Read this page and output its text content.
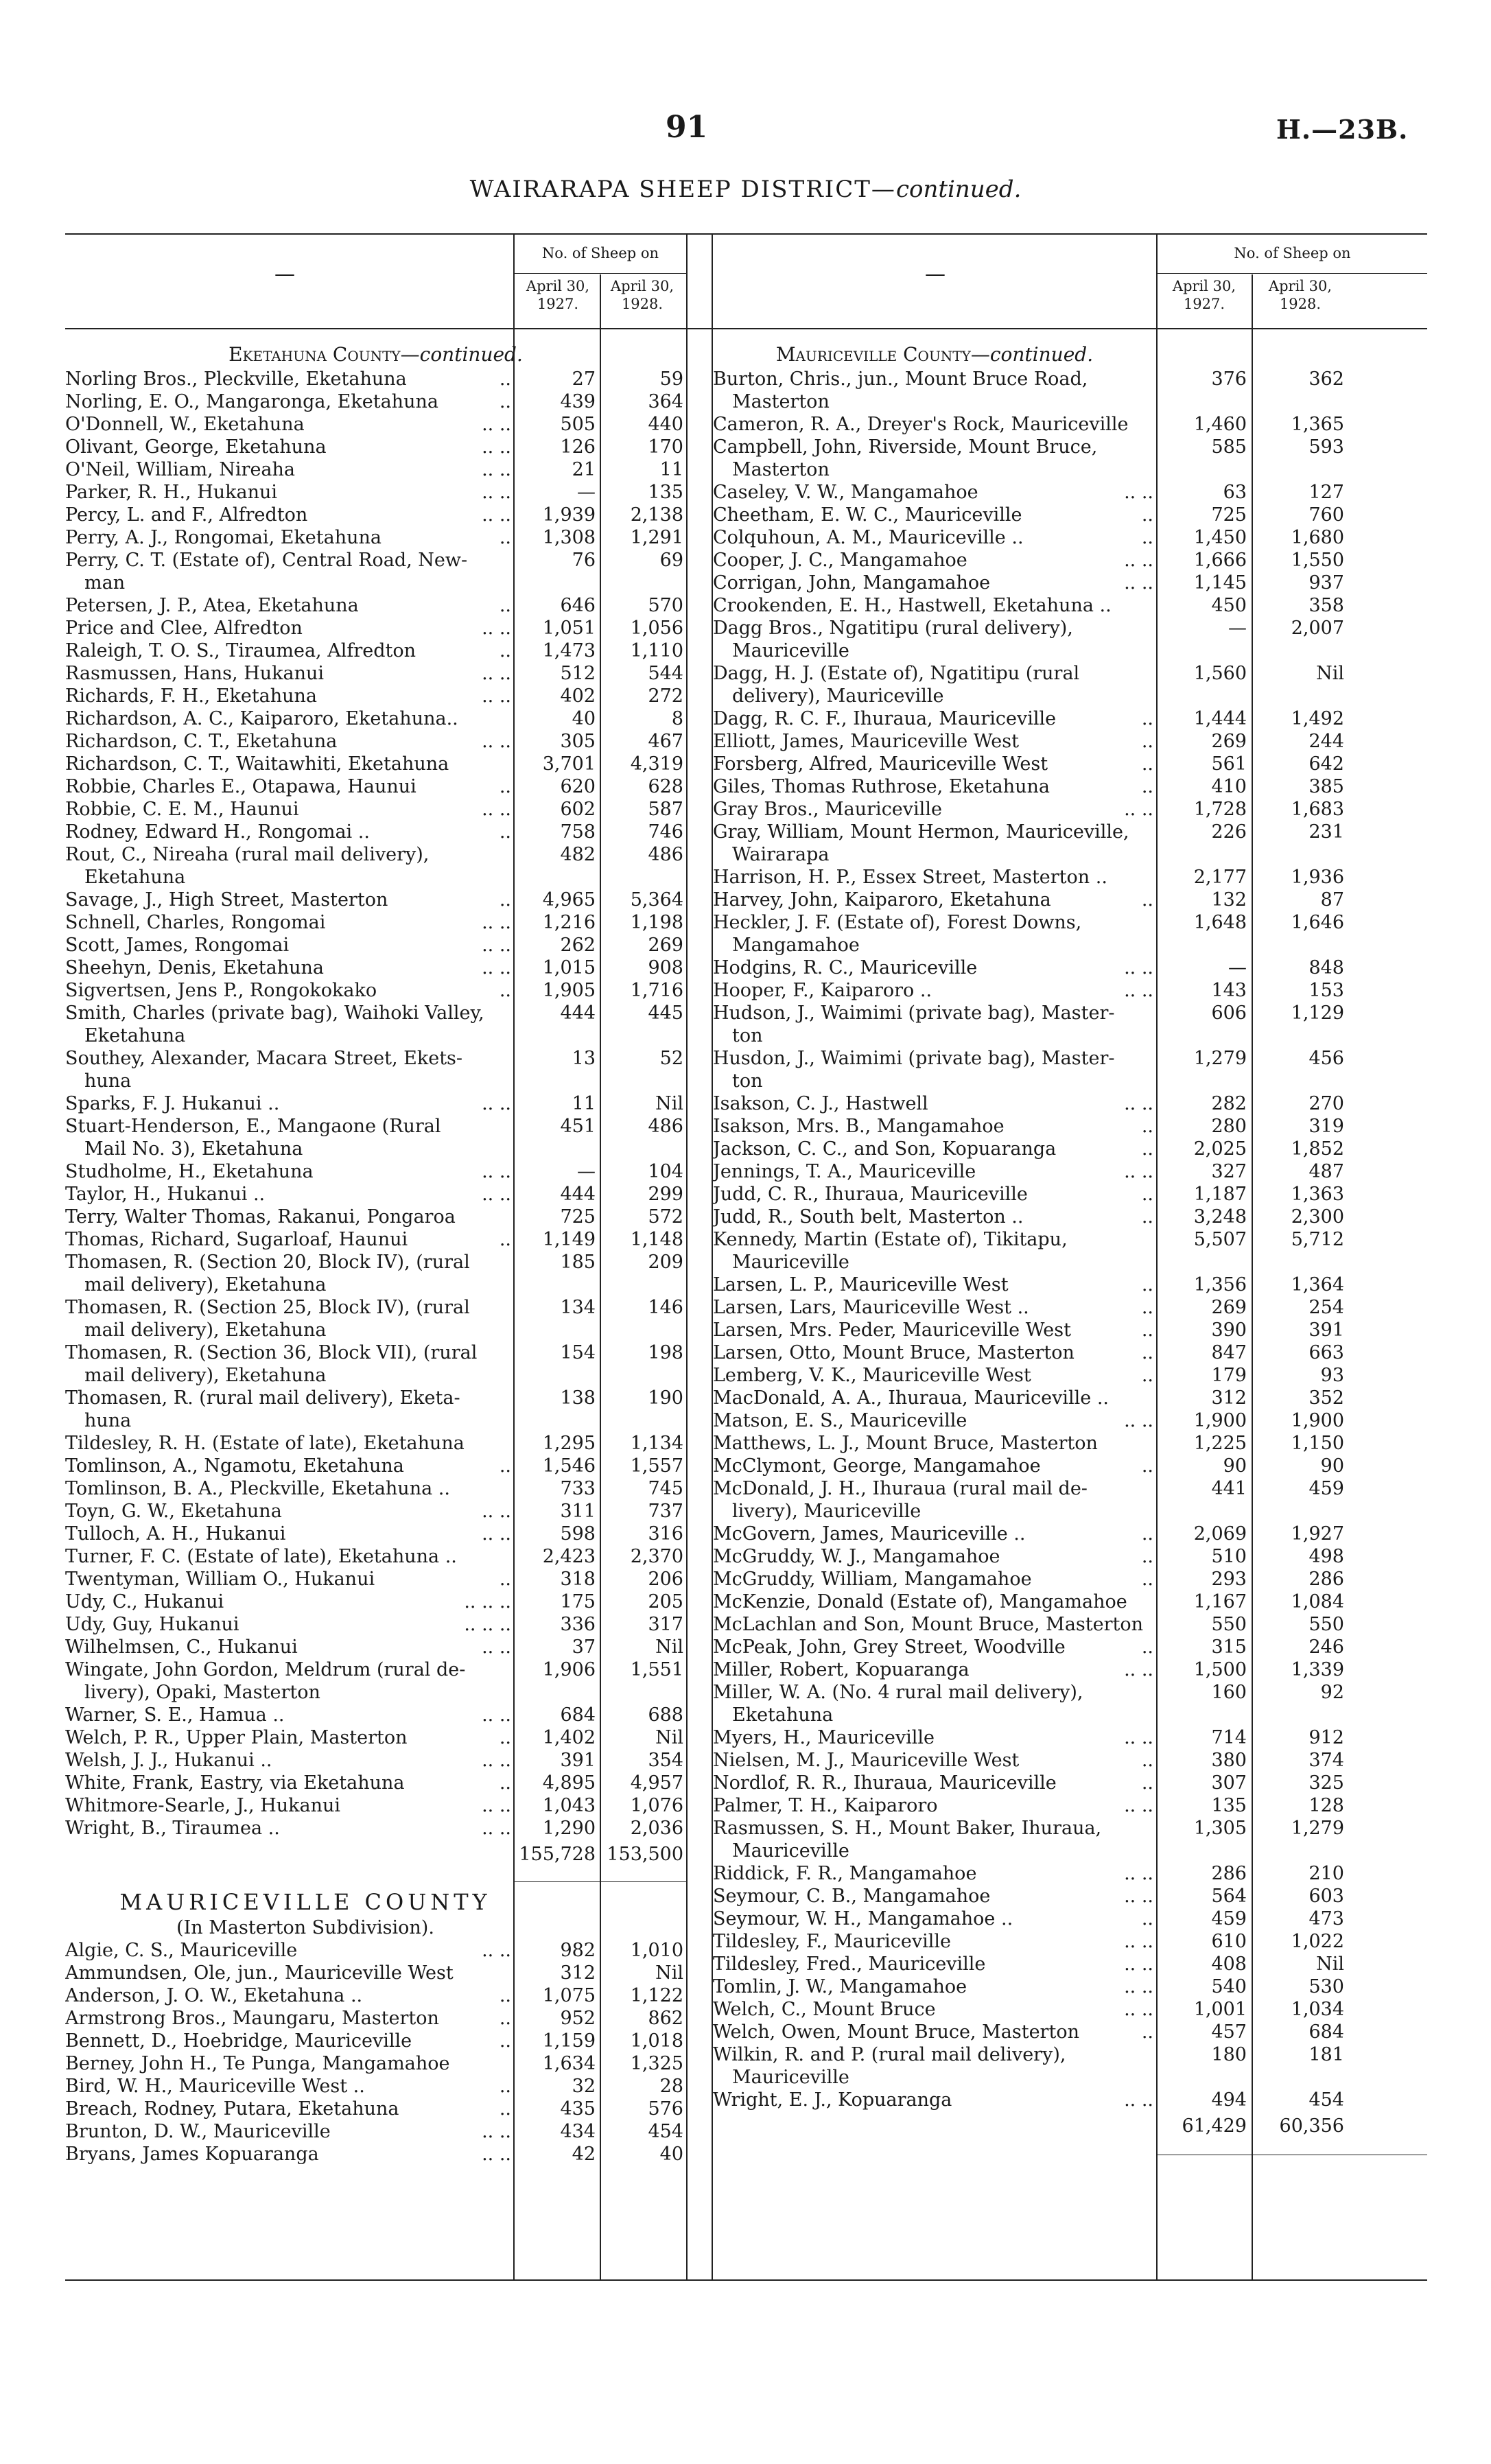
91	H.—23B.
WAIRARAPA SHEEP DISTRICT—continued.
—
No. of Sheep on
April 30, 1927.
April 30, 1928.
—
No. of Sheep on
April 30, 1927.
April 30, 1928.
Eketahuna County—continued.
Norling Bros., Pleckville, Eketahuna	..	27	59
Norling, E. O., Mangaronga, Eketahuna	..	439	364
O'Donnell, W., Eketahuna	.. ..	505	440
Olivant, George, Eketahuna	.. ..	126	170
O'Neil, William, Nireaha	.. ..	21	11
Parker, R. H., Hukanui	.. ..	—	135
Percy, L. and F., Alfredton	.. ..	1,939	2,138
Perry, A. J., Rongomai, Eketahuna	..	1,308	1,291
Perry, C. T. (Estate of), Central Road, New-	76	69
man
Petersen, J. P., Atea, Eketahuna	..	646	570
Price and Clee, Alfredton	.. ..	1,051	1,056
Raleigh, T. O. S., Tiraumea, Alfredton	..	1,473	1,110
Rasmussen, Hans, Hukanui	.. ..	512	544
Richards, F. H., Eketahuna	.. ..	402	272
Richardson, A. C., Kaiparoro, Eketahuna..	40	8
Richardson, C. T., Eketahuna	.. ..	305	467
Richardson, C. T., Waitawhiti, Eketahuna	3,701	4,319
Robbie, Charles E., Otapawa, Haunui	..	620	628
Robbie, C. E. M., Haunui	.. ..	602	587
Rodney, Edward H., Rongomai ..	..	758	746
Rout, C., Nireaha (rural mail delivery),	482	486
Eketahuna
Savage, J., High Street, Masterton	..	4,965	5,364
Schnell, Charles, Rongomai	.. ..	1,216	1,198
Scott, James, Rongomai	.. ..	262	269
Sheehyn, Denis, Eketahuna	.. ..	1,015	908
Sigvertsen, Jens P., Rongokokako	..	1,905	1,716
Smith, Charles (private bag), Waihoki Valley,	444	445
Eketahuna
Southey, Alexander, Macara Street, Ekets-	13	52
huna
Sparks, F. J. Hukanui ..	.. ..	11	Nil
Stuart-Henderson, E., Mangaone (Rural	451	486
Mail No. 3), Eketahuna
Studholme, H., Eketahuna	.. ..	—	104
Taylor, H., Hukanui ..	.. ..	444	299
Terry, Walter Thomas, Rakanui, Pongaroa	725	572
Thomas, Richard, Sugarloaf, Haunui	..	1,149	1,148
Thomasen, R. (Section 20, Block IV), (rural	185	209
mail delivery), Eketahuna
Thomasen, R. (Section 25, Block IV), (rural	134	146
mail delivery), Eketahuna
Thomasen, R. (Section 36, Block VII), (rural	154	198
mail delivery), Eketahuna
Thomasen, R. (rural mail delivery), Eketa-	138	190
huna
Tildesley, R. H. (Estate of late), Eketahuna	1,295	1,134
Tomlinson, A., Ngamotu, Eketahuna	..	1,546	1,557
Tomlinson, B. A., Pleckville, Eketahuna ..	733	745
Toyn, G. W., Eketahuna	.. ..	311	737
Tulloch, A. H., Hukanui	.. ..	598	316
Turner, F. C. (Estate of late), Eketahuna ..	2,423	2,370
Twentyman, William O., Hukanui	..	318	206
Udy, C., Hukanui	.. .. ..	175	205
Udy, Guy, Hukanui	.. .. ..	336	317
Wilhelmsen, C., Hukanui	.. ..	37	Nil
Wingate, John Gordon, Meldrum (rural de-	1,906	1,551
livery), Opaki, Masterton
Warner, S. E., Hamua ..	.. ..	684	688
Welch, P. R., Upper Plain, Masterton	..	1,402	Nil
Welsh, J. J., Hukanui ..	.. ..	391	354
White, Frank, Eastry, via Eketahuna	..	4,895	4,957
Whitmore-Searle, J., Hukanui	.. ..	1,043	1,076
Wright, B., Tiraumea ..	.. ..	1,290	2,036
155,728 153,500
MAURICEVILLE COUNTY
(In Masterton Subdivision).
Algie, C. S., Mauriceville	.. ..	982	1,010
Ammundsen, Ole, jun., Mauriceville West	312	Nil
Anderson, J. O. W., Eketahuna ..	..	1,075	1,122
Armstrong Bros., Maungaru, Masterton	..	952	862
Bennett, D., Hoebridge, Mauriceville	..	1,159	1,018
Berney, John H., Te Punga, Mangamahoe	1,634	1,325
Bird, W. H., Mauriceville West ..	..	32	28
Breach, Rodney, Putara, Eketahuna	..	435	576
Brunton, D. W., Mauriceville	.. ..	434	454
Bryans, James Kopuaranga	.. ..	42	40
Mauriceville County—continued.
Burton, Chris., jun., Mount Bruce Road,	376	362
Masterton
Cameron, R. A., Dreyer's Rock, Mauriceville	1,460	1,365
Campbell, John, Riverside, Mount Bruce,	585	593
Masterton
Caseley, V. W., Mangamahoe	.. ..	63	127
Cheetham, E. W. C., Mauriceville	..	725	760
Colquhoun, A. M., Mauriceville ..	..	1,450	1,680
Cooper, J. C., Mangamahoe	.. ..	1,666	1,550
Corrigan, John, Mangamahoe	.. ..	1,145	937
Crookenden, E. H., Hastwell, Eketahuna ..	450	358
Dagg Bros., Ngatitipu (rural delivery),	—	2,007
Mauriceville
Dagg, H. J. (Estate of), Ngatitipu (rural	1,560	Nil
delivery), Mauriceville
Dagg, R. C. F., Ihuraua, Mauriceville	..	1,444	1,492
Elliott, James, Mauriceville West	..	269	244
Forsberg, Alfred, Mauriceville West	..	561	642
Giles, Thomas Ruthrose, Eketahuna	..	410	385
Gray Bros., Mauriceville	.. ..	1,728	1,683
Gray, William, Mount Hermon, Mauriceville,	226	231
Wairarapa
Harrison, H. P., Essex Street, Masterton ..	2,177	1,936
Harvey, John, Kaiparoro, Eketahuna	..	132	87
Heckler, J. F. (Estate of), Forest Downs,	1,648	1,646
Mangamahoe
Hodgins, R. C., Mauriceville	.. ..	—	848
Hooper, F., Kaiparoro ..	.. ..	143	153
Hudson, J., Waimimi (private bag), Master-	606	1,129
ton
Husdon, J., Waimimi (private bag), Master-	1,279	456
ton
Isakson, C. J., Hastwell	.. ..	282	270
Isakson, Mrs. B., Mangamahoe	..	280	319
Jackson, C. C., and Son, Kopuaranga	..	2,025	1,852
Jennings, T. A., Mauriceville	.. ..	327	487
Judd, C. R., Ihuraua, Mauriceville	..	1,187	1,363
Judd, R., South belt, Masterton ..	..	3,248	2,300
Kennedy, Martin (Estate of), Tikitapu,	5,507	5,712
Mauriceville
Larsen, L. P., Mauriceville West	..	1,356	1,364
Larsen, Lars, Mauriceville West ..	..	269	254
Larsen, Mrs. Peder, Mauriceville West	..	390	391
Larsen, Otto, Mount Bruce, Masterton	..	847	663
Lemberg, V. K., Mauriceville West	..	179	93
MacDonald, A. A., Ihuraua, Mauriceville ..	312	352
Matson, E. S., Mauriceville	.. ..	1,900	1,900
Matthews, L. J., Mount Bruce, Masterton	1,225	1,150
McClymont, George, Mangamahoe	..	90	90
McDonald, J. H., Ihuraua (rural mail de-	441	459
livery), Mauriceville
McGovern, James, Mauriceville ..	..	2,069	1,927
McGruddy, W. J., Mangamahoe	..	510	498
McGruddy, William, Mangamahoe	..	293	286
McKenzie, Donald (Estate of), Mangamahoe	1,167	1,084
McLachlan and Son, Mount Bruce, Masterton	550	550
McPeak, John, Grey Street, Woodville	..	315	246
Miller, Robert, Kopuaranga	.. ..	1,500	1,339
Miller, W. A. (No. 4 rural mail delivery),	160	92
Eketahuna
Myers, H., Mauriceville	.. ..	714	912
Nielsen, M. J., Mauriceville West	..	380	374
Nordlof, R. R., Ihuraua, Mauriceville	..	307	325
Palmer, T. H., Kaiparoro	.. ..	135	128
Rasmussen, S. H., Mount Baker, Ihuraua,	1,305	1,279
Mauriceville
Riddick, F. R., Mangamahoe	.. ..	286	210
Seymour, C. B., Mangamahoe	.. ..	564	603
Seymour, W. H., Mangamahoe ..	..	459	473
Tildesley, F., Mauriceville	.. ..	610	1,022
Tildesley, Fred., Mauriceville	.. ..	408	Nil
Tomlin, J. W., Mangamahoe	.. ..	540	530
Welch, C., Mount Bruce	.. ..	1,001	1,034
Welch, Owen, Mount Bruce, Masterton	..	457	684
Wilkin, R. and P. (rural mail delivery),	180	181
Mauriceville
Wright, E. J., Kopuaranga	.. ..	494	454
61,429	60,356
